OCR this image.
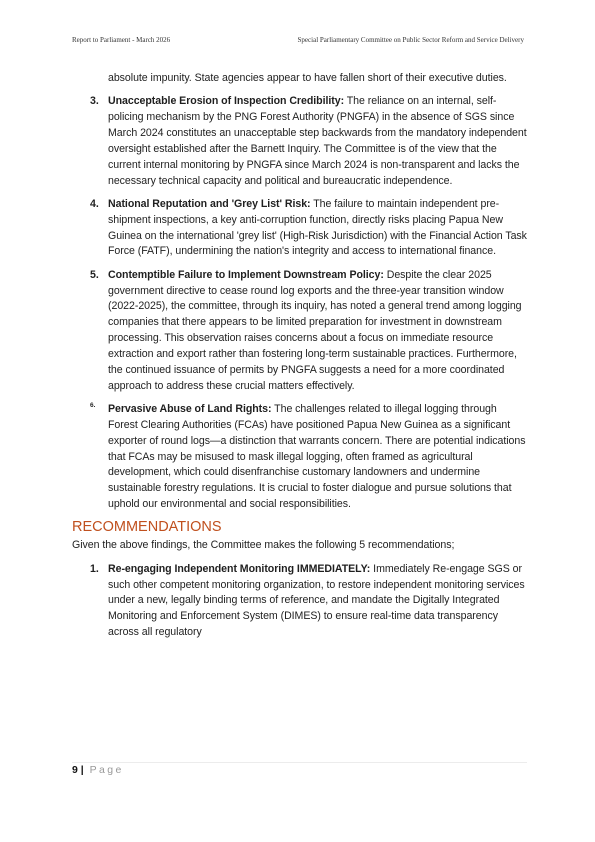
Report to Parliament - March 2026	Special Parliamentary Committee on Public Sector Reform and Service Delivery
absolute impunity. State agencies appear to have fallen short of their executive duties.
3. Unacceptable Erosion of Inspection Credibility: The reliance on an internal, self-policing mechanism by the PNG Forest Authority (PNGFA) in the absence of SGS since March 2024 constitutes an unacceptable step backwards from the mandatory independent oversight established after the Barnett Inquiry. The Committee is of the view that the current internal monitoring by PNGFA since March 2024 is non-transparent and lacks the necessary technical capacity and political and bureaucratic independence.
4. National Reputation and 'Grey List' Risk: The failure to maintain independent pre-shipment inspections, a key anti-corruption function, directly risks placing Papua New Guinea on the international 'grey list' (High-Risk Jurisdiction) with the Financial Action Task Force (FATF), undermining the nation's integrity and access to international finance.
5. Contemptible Failure to Implement Downstream Policy: Despite the clear 2025 government directive to cease round log exports and the three-year transition window (2022-2025), the committee, through its inquiry, has noted a general trend among logging companies that there appears to be limited preparation for investment in downstream processing. This observation raises concerns about a focus on immediate resource extraction and export rather than fostering long-term sustainable practices. Furthermore, the continued issuance of permits by PNGFA suggests a need for a more coordinated approach to address these crucial matters effectively.
6. Pervasive Abuse of Land Rights: The challenges related to illegal logging through Forest Clearing Authorities (FCAs) have positioned Papua New Guinea as a significant exporter of round logs—a distinction that warrants concern. There are potential indications that FCAs may be misused to mask illegal logging, often framed as agricultural development, which could disenfranchise customary landowners and undermine sustainable forestry regulations. It is crucial to foster dialogue and pursue solutions that uphold our environmental and social responsibilities.
RECOMMENDATIONS

Given the above findings, the Committee makes the following 5 recommendations;

1. Re-engaging Independent Monitoring IMMEDIATELY: Immediately Re-engage SGS or such other competent monitoring organization, to restore independent monitoring services under a new, legally binding terms of reference, and mandate the Digitally Integrated Monitoring and Enforcement System (DIMES) to ensure real-time data transparency across all regulatory
9 | Page
